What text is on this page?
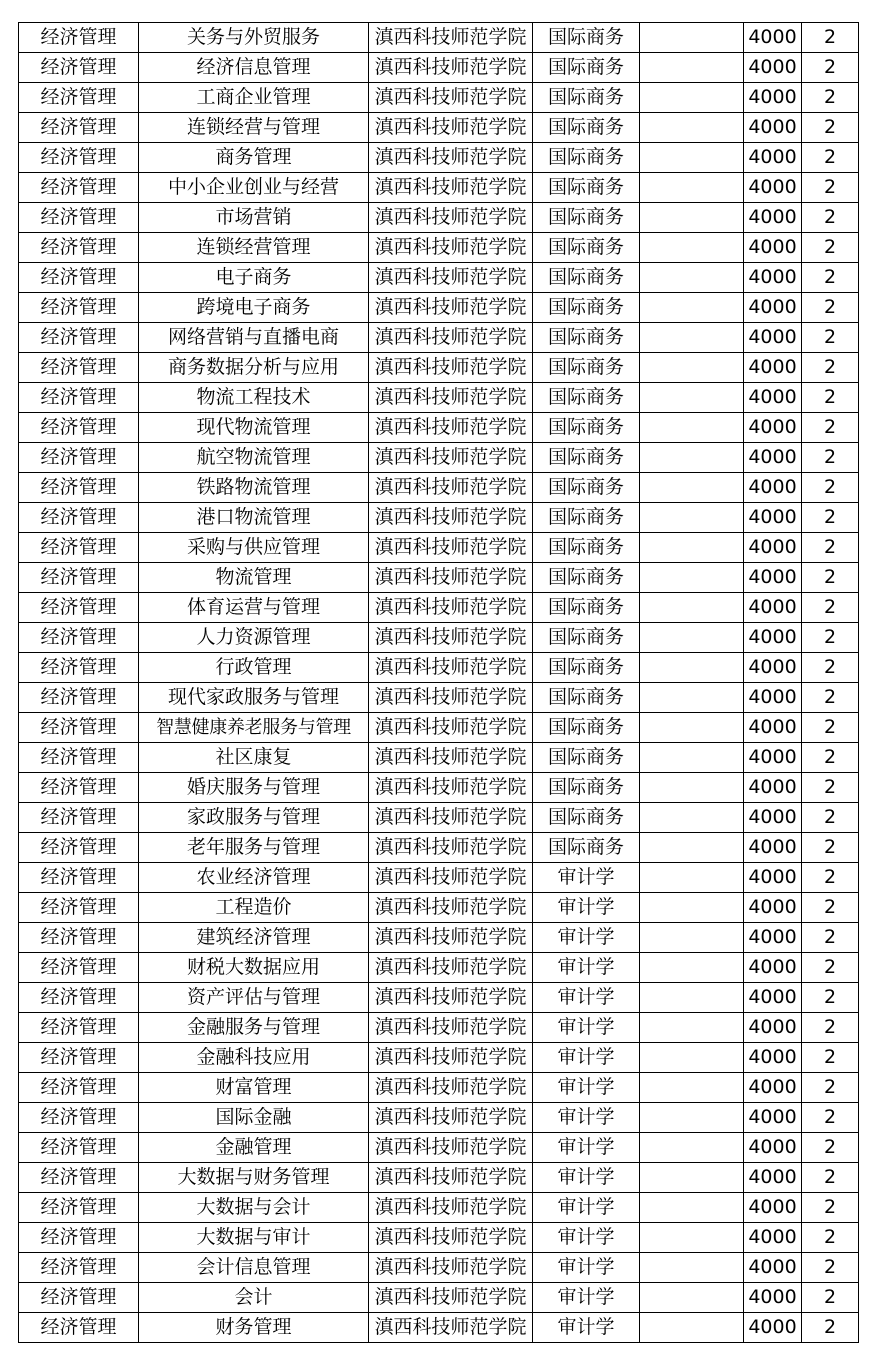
经济管理	关务与外贸服务	滇西科技师范学院	国际商务		4000	2
经济管理	经济信息管理	滇西科技师范学院	国际商务		4000	2
经济管理	工商企业管理	滇西科技师范学院	国际商务		4000	2
经济管理	连锁经营与管理	滇西科技师范学院	国际商务		4000	2
经济管理	商务管理	滇西科技师范学院	国际商务		4000	2
经济管理	中小企业创业与经营	滇西科技师范学院	国际商务		4000	2
经济管理	市场营销	滇西科技师范学院	国际商务		4000	2
经济管理	连锁经营管理	滇西科技师范学院	国际商务		4000	2
经济管理	电子商务	滇西科技师范学院	国际商务		4000	2
经济管理	跨境电子商务	滇西科技师范学院	国际商务		4000	2
经济管理	网络营销与直播电商	滇西科技师范学院	国际商务		4000	2
经济管理	商务数据分析与应用	滇西科技师范学院	国际商务		4000	2
经济管理	物流工程技术	滇西科技师范学院	国际商务		4000	2
经济管理	现代物流管理	滇西科技师范学院	国际商务		4000	2
经济管理	航空物流管理	滇西科技师范学院	国际商务		4000	2
经济管理	铁路物流管理	滇西科技师范学院	国际商务		4000	2
经济管理	港口物流管理	滇西科技师范学院	国际商务		4000	2
经济管理	采购与供应管理	滇西科技师范学院	国际商务		4000	2
经济管理	物流管理	滇西科技师范学院	国际商务		4000	2
经济管理	体育运营与管理	滇西科技师范学院	国际商务		4000	2
经济管理	人力资源管理	滇西科技师范学院	国际商务		4000	2
经济管理	行政管理	滇西科技师范学院	国际商务		4000	2
经济管理	现代家政服务与管理	滇西科技师范学院	国际商务		4000	2
经济管理	智慧健康养老服务与管理	滇西科技师范学院	国际商务		4000	2
经济管理	社区康复	滇西科技师范学院	国际商务		4000	2
经济管理	婚庆服务与管理	滇西科技师范学院	国际商务		4000	2
经济管理	家政服务与管理	滇西科技师范学院	国际商务		4000	2
经济管理	老年服务与管理	滇西科技师范学院	国际商务		4000	2
经济管理	农业经济管理	滇西科技师范学院	审计学		4000	2
经济管理	工程造价	滇西科技师范学院	审计学		4000	2
经济管理	建筑经济管理	滇西科技师范学院	审计学		4000	2
经济管理	财税大数据应用	滇西科技师范学院	审计学		4000	2
经济管理	资产评估与管理	滇西科技师范学院	审计学		4000	2
经济管理	金融服务与管理	滇西科技师范学院	审计学		4000	2
经济管理	金融科技应用	滇西科技师范学院	审计学		4000	2
经济管理	财富管理	滇西科技师范学院	审计学		4000	2
经济管理	国际金融	滇西科技师范学院	审计学		4000	2
经济管理	金融管理	滇西科技师范学院	审计学		4000	2
经济管理	大数据与财务管理	滇西科技师范学院	审计学		4000	2
经济管理	大数据与会计	滇西科技师范学院	审计学		4000	2
经济管理	大数据与审计	滇西科技师范学院	审计学		4000	2
经济管理	会计信息管理	滇西科技师范学院	审计学		4000	2
经济管理	会计	滇西科技师范学院	审计学		4000	2
经济管理	财务管理	滇西科技师范学院	审计学		4000	2
